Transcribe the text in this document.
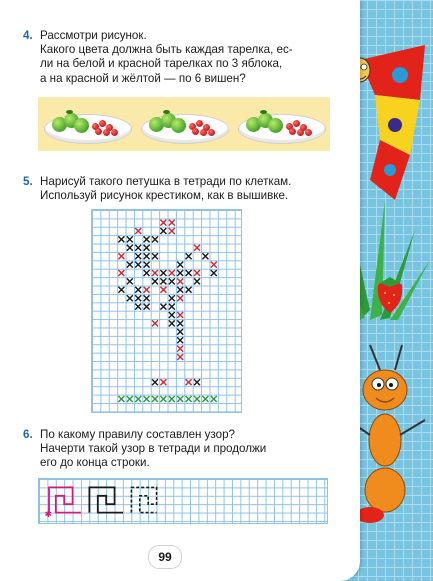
4. Рассмотри рисунок.

Какого цвета должна быть каждая тарелка, ес-

ли на белой и красной тарелках по 3 яблока,

а на красной и жёлтой — по 6 вишен?

5. Нарисуй такого петушка в тетради по клеткам.

Используй рисунок крестиком, как в вышивке.

6. По какому правилу составлен узор?

Начерти такой узор в тетради и продолжи

его до конца строки.

✱
99
